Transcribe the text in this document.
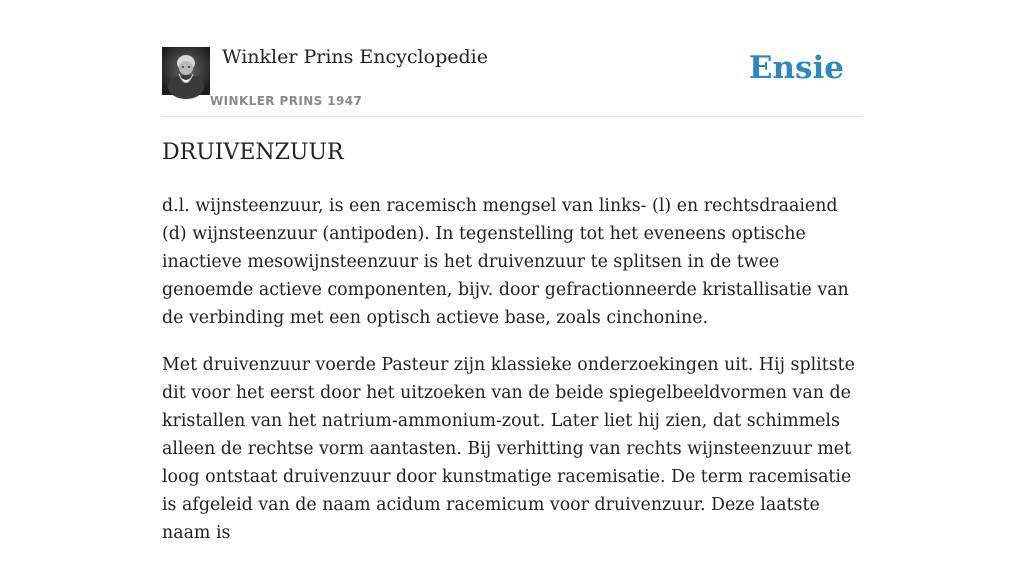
Winkler Prins Encyclopedie
WINKLER PRINS 1947
Ensie
DRUIVENZUUR

d.l. wijnsteenzuur, is een racemisch mengsel van links- (l) en rechtsdraaiend (d) wijnsteenzuur (antipoden). In tegenstelling tot het eveneens optische inactieve mesowijnsteenzuur is het druivenzuur te splitsen in de twee genoemde actieve componenten, bijv. door gefractionneerde kristallisatie van de verbinding met een optisch actieve base, zoals cinchonine.

Met druivenzuur voerde Pasteur zijn klassieke onderzoekingen uit. Hij splitste dit voor het eerst door het uitzoeken van de beide spiegelbeeldvormen van de kristallen van het natrium-ammonium-zout. Later liet hij zien, dat schimmels alleen de rechtse vorm aantasten. Bij verhitting van rechts wijnsteenzuur met loog ontstaat druivenzuur door kunstmatige racemisatie. De term racemisatie is afgeleid van de naam acidum racemicum voor druivenzuur. Deze laatste naam is
